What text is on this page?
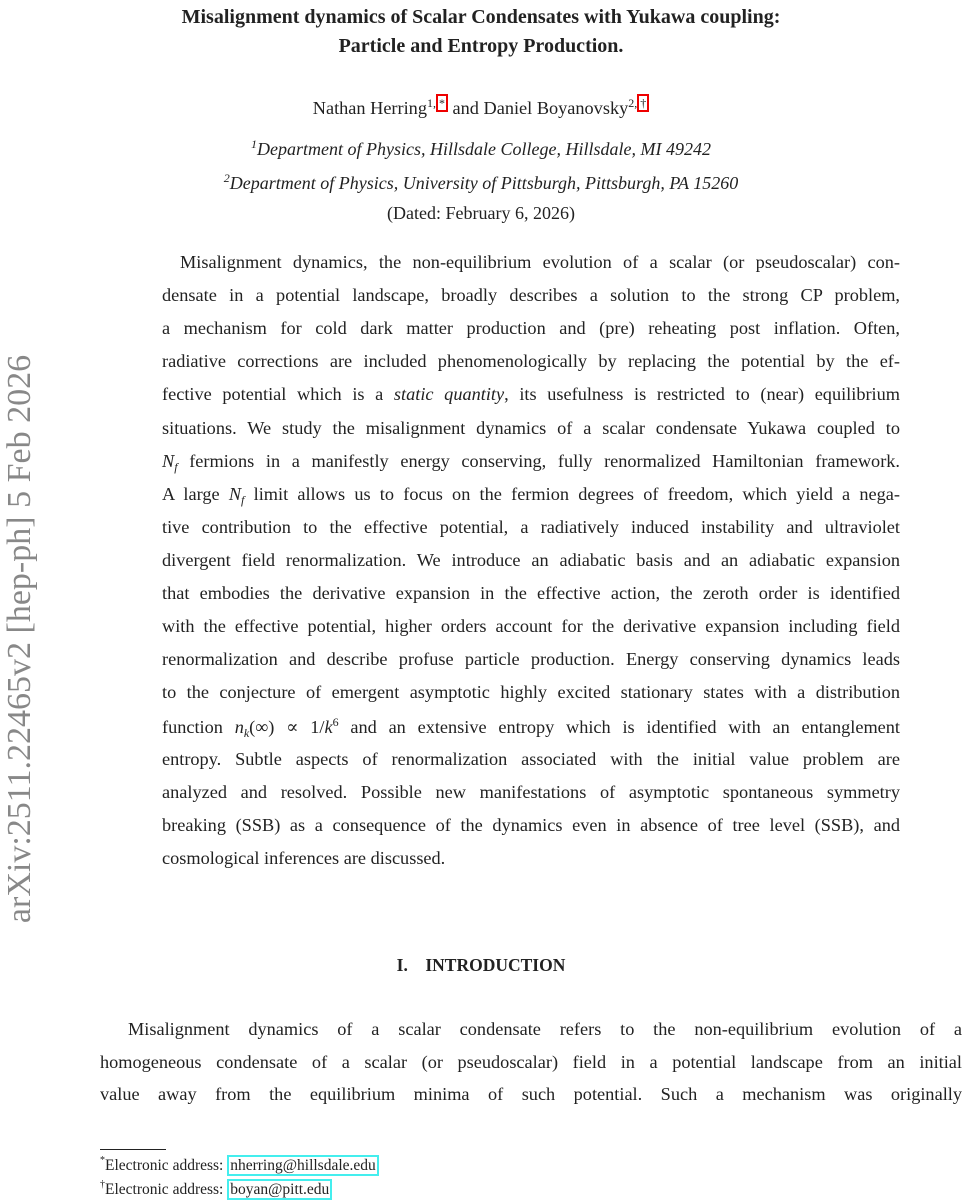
arXiv:2511.22465v2 [hep-ph] 5 Feb 2026
Misalignment dynamics of Scalar Condensates with Yukawa coupling:
Particle and Entropy Production.
Nathan Herring$^{1,}$ * and Daniel Boyanovsky$^{2,}$ †
$^1$Department of Physics, Hillsdale College, Hillsdale, MI 49242
$^2$Department of Physics, University of Pittsburgh, Pittsburgh, PA 15260
(Dated: February 6, 2026)
Misalignment dynamics, the non-equilibrium evolution of a scalar (or pseudoscalar) con-
densate in a potential landscape, broadly describes a solution to the strong CP problem,
a mechanism for cold dark matter production and (pre) reheating post inflation. Often,
radiative corrections are included phenomenologically by replacing the potential by the ef-
fective potential which is a static quantity, its usefulness is restricted to (near) equilibrium
situations. We study the misalignment dynamics of a scalar condensate Yukawa coupled to
$N_f$ fermions in a manifestly energy conserving, fully renormalized Hamiltonian framework.
A large $N_f$ limit allows us to focus on the fermion degrees of freedom, which yield a nega-
tive contribution to the effective potential, a radiatively induced instability and ultraviolet
divergent field renormalization. We introduce an adiabatic basis and an adiabatic expansion
that embodies the derivative expansion in the effective action, the zeroth order is identified
with the effective potential, higher orders account for the derivative expansion including field
renormalization and describe profuse particle production. Energy conserving dynamics leads
to the conjecture of emergent asymptotic highly excited stationary states with a distribution
function $n_k(\infty) \propto 1/k^6$ and an extensive entropy which is identified with an entanglement
entropy. Subtle aspects of renormalization associated with the initial value problem are
analyzed and resolved. Possible new manifestations of asymptotic spontaneous symmetry
breaking (SSB) as a consequence of the dynamics even in absence of tree level (SSB), and
cosmological inferences are discussed.
I.    INTRODUCTION
Misalignment dynamics of a scalar condensate refers to the non-equilibrium evolution of a
homogeneous condensate of a scalar (or pseudoscalar) field in a potential landscape from an initial
value away from the equilibrium minima of such potential. Such a mechanism was originally
*Electronic address: nherring@hillsdale.edu
†Electronic address: boyan@pitt.edu
